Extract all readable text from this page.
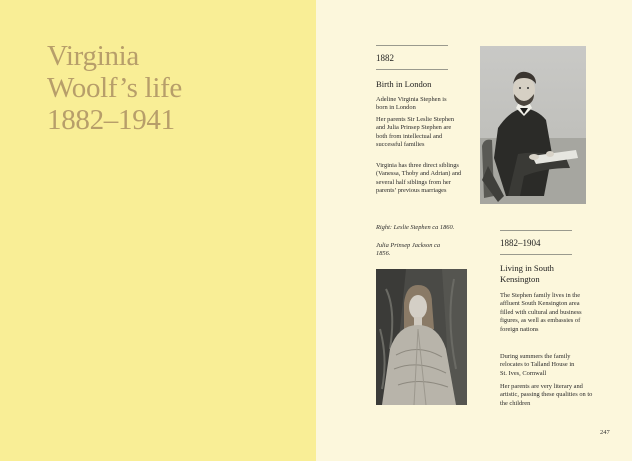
Virginia
Woolf’s life
1882–1941
1882
Birth in London
Adeline Virginia Stephen is born in London
Her parents Sir Leslie Stephen and Julia Prinsep Stephen are both from intellectual and successful families
Virginia has three direct siblings (Vanessa, Thoby and Adrian) and several half siblings from her parents’ previous marriages
Right: Leslie Stephen ca 1860.
Julia Prinsep Jackson ca 1856.
1882–1904
Living in South Kensington
The Stephen family lives in the affluent South Kensington area filled with cultural and business figures, as well as embassies of foreign nations
During summers the family relocates to Talland House in St. Ives, Cornwall
Her parents are very literary and artistic, passing these qualities on to the children
247
